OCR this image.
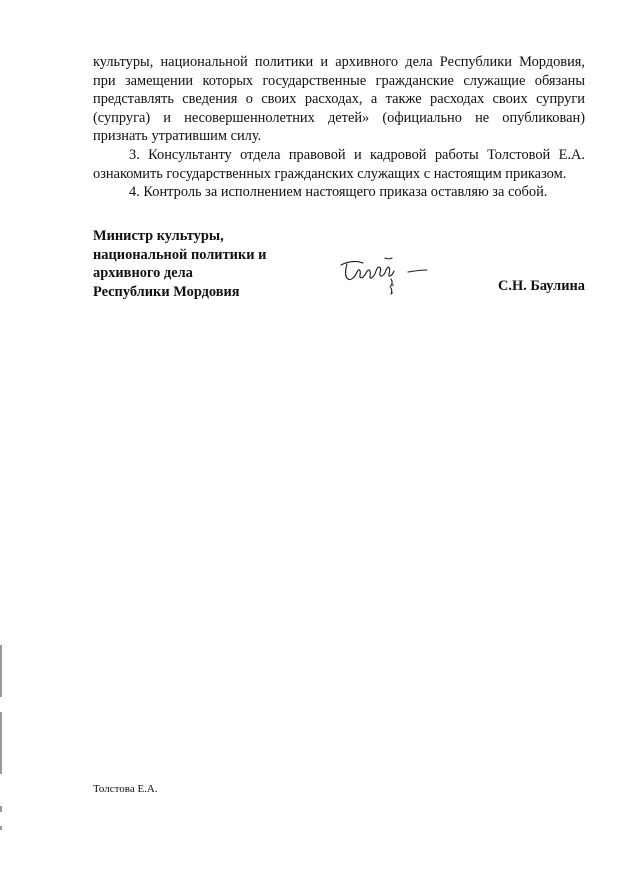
культуры, национальной политики и архивного дела Республики Мордовия, при замещении которых государственные гражданские служащие обязаны представлять сведения о своих расходах, а также расходах своих супруги (супруга) и несовершеннолетних детей» (официально не опубликован) признать утратившим силу.

3. Консультанту отдела правовой и кадровой работы Толстовой Е.А. ознакомить государственных гражданских служащих с настоящим приказом.

4. Контроль за исполнением настоящего приказа оставляю за собой.

Министр культуры,
национальной политики и
архивного дела
Республики Мордовия	С.Н. Баулина

Толстова Е.А.
